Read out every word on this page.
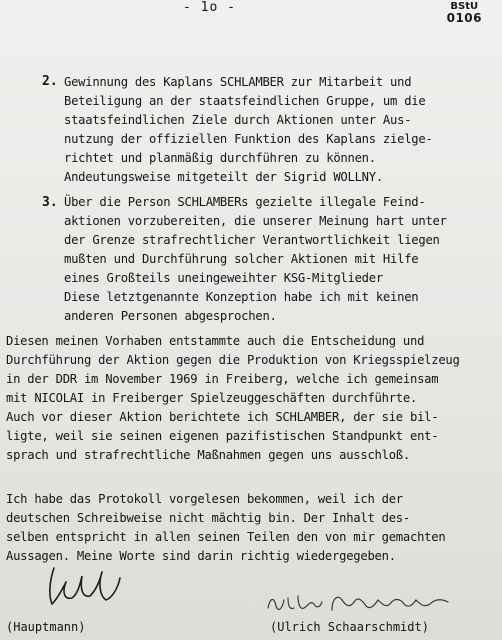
- 1o -	BStU
0106
2. Gewinnung des Kaplans SCHLAMBER zur Mitarbeit und
Beteiligung an der staatsfeindlichen Gruppe, um die
staatsfeindlichen Ziele durch Aktionen unter Aus-
nutzung der offiziellen Funktion des Kaplans zielge-
richtet und planmäßig durchführen zu können.
Andeutungsweise mitgeteilt der Sigrid WOLLNY.
3. Über die Person SCHLAMBERs gezielte illegale Feind-
aktionen vorzubereiten, die unserer Meinung hart unter
der Grenze strafrechtlicher Verantwortlichkeit liegen
mußten und Durchführung solcher Aktionen mit Hilfe
eines Großteils uneingeweihter KSG-Mitglieder
Diese letztgenannte Konzeption habe ich mit keinen
anderen Personen abgesprochen.
Diesen meinen Vorhaben entstammte auch die Entscheidung und
Durchführung der Aktion gegen die Produktion von Kriegsspielzeug
in der DDR im November 1969 in Freiberg, welche ich gemeinsam
mit NICOLAI in Freiberger Spielzeuggeschäften durchführte.
Auch vor dieser Aktion berichtete ich SCHLAMBER, der sie bil-
ligte, weil sie seinen eigenen pazifistischen Standpunkt ent-
sprach und strafrechtliche Maßnahmen gegen uns ausschloß.
Ich habe das Protokoll vorgelesen bekommen, weil ich der
deutschen Schreibweise nicht mächtig bin. Der Inhalt des-
selben entspricht in allen seinen Teilen den von mir gemachten
Aussagen. Meine Worte sind darin richtig wiedergegeben.
(Hauptmann)	(Ulrich Schaarschmidt)
